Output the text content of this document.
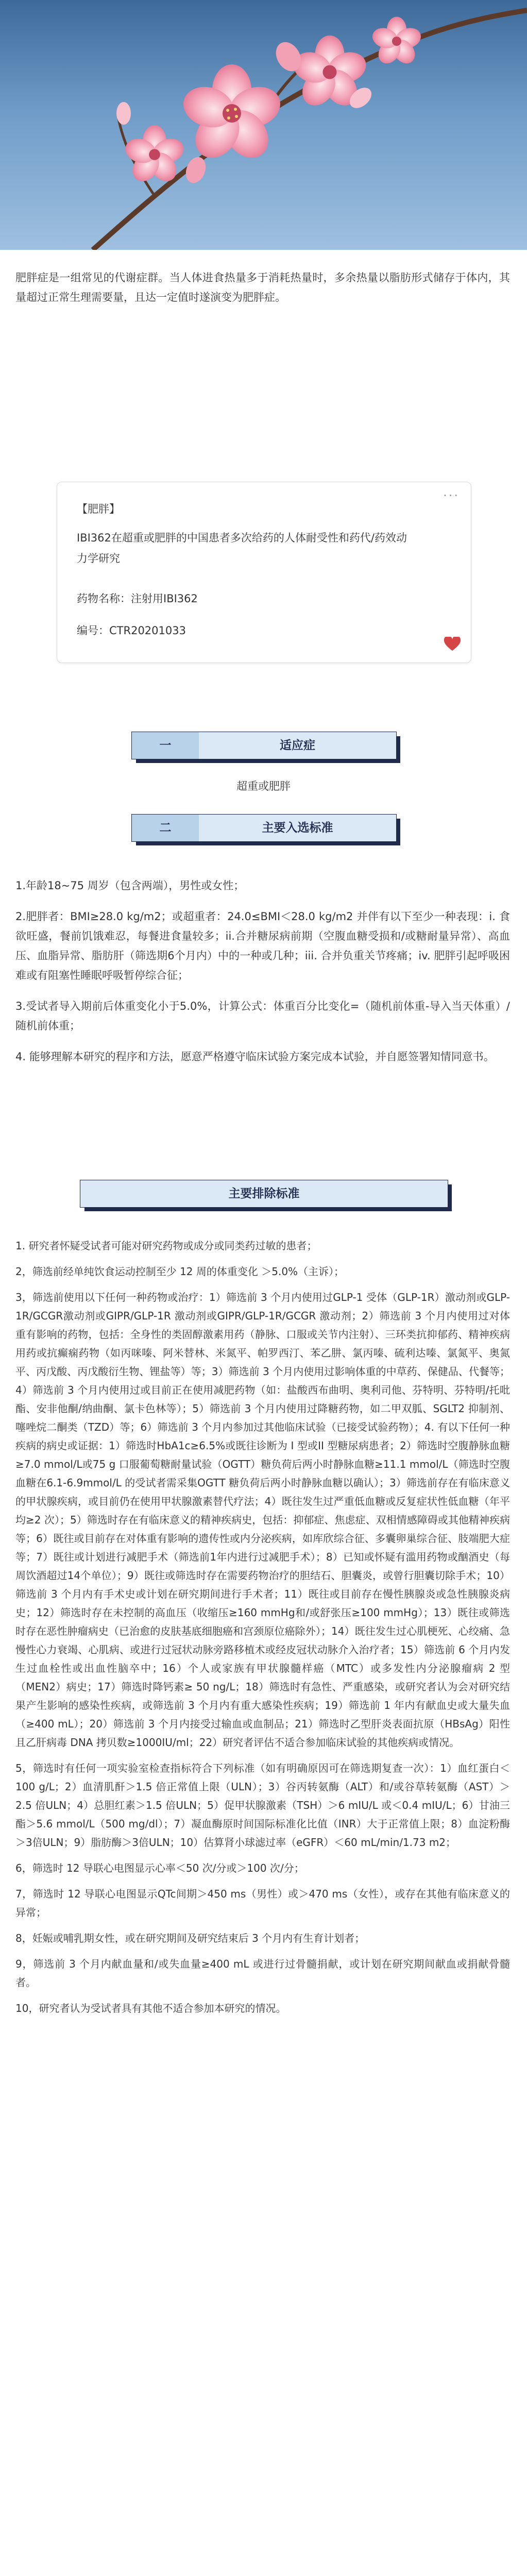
肥胖症是一组常见的代谢症群。当人体进食热量多于消耗热量时，多余热量以脂肪形式储存于体内，其量超过正常生理需要量，且达一定值时遂演变为肥胖症。
···
【肥胖】
IBI362在超重或肥胖的中国患者多次给药的人体耐受性和药代/药效动力学研究
药物名称：注射用IBI362
编号：CTR20201033
一	适应症
超重或肥胖
二	主要入选标准

1.年龄18~75 周岁（包含两端），男性或女性；

2.肥胖者：BMI≥28.0 kg/m2；或超重者：24.0≤BMI＜28.0 kg/m2 并伴有以下至少一种表现：i. 食欲旺盛，餐前饥饿难忍，每餐进食量较多；ii.合并糖尿病前期（空腹血糖受损和/或糖耐量异常）、高血压、血脂异常、脂肪肝（筛选期6个月内）中的一种或几种；iii. 合并负重关节疼痛；iv. 肥胖引起呼吸困难或有阻塞性睡眠呼吸暂停综合征；

3.受试者导入期前后体重变化小于5.0%，计算公式：体重百分比变化=（随机前体重-导入当天体重）/随机前体重；

4. 能够理解本研究的程序和方法，愿意严格遵守临床试验方案完成本试验，并自愿签署知情同意书。

主要排除标准

1. 研究者怀疑受试者可能对研究药物或成分或同类药过敏的患者；

2，筛选前经单纯饮食运动控制至少 12 周的体重变化 ＞5.0%（主诉）；

3，筛选前使用以下任何一种药物或治疗：1）筛选前 3 个月内使用过GLP-1 受体（GLP-1R）激动剂或GLP-1R/GCGR激动剂或GIPR/GLP-1R 激动剂或GIPR/GLP-1R/GCGR 激动剂；2）筛选前 3 个月内使用过对体重有影响的药物，包括：全身性的类固醇激素用药（静脉、口服或关节内注射）、三环类抗抑郁药、精神疾病用药或抗癫痫药物（如丙咪嗪、阿米替林、米氮平、帕罗西汀、苯乙肼、氯丙嗪、硫利达嗪、氯氮平、奥氮平、丙戊酸、丙戊酸衍生物、锂盐等）等；3）筛选前 3 个月内使用过影响体重的中草药、保健品、代餐等；4）筛选前 3 个月内使用过或目前正在使用减肥药物（如：盐酸西布曲明、奥利司他、芬特明、芬特明/托吡酯、安非他酮/纳曲酮、氯卡色林等）；5）筛选前 3 个月内使用过降糖药物，如二甲双胍、SGLT2 抑制剂、噻唑烷二酮类（TZD）等；6）筛选前 3 个月内参加过其他临床试验（已接受试验药物）；4. 有以下任何一种疾病的病史或证据：1）筛选时HbA1c≥6.5%或既往诊断为 I 型或II 型糖尿病患者；2）筛选时空腹静脉血糖≥7.0 mmol/L或75 g 口服葡萄糖耐量试验（OGTT）糖负荷后两小时静脉血糖≥11.1 mmol/L（筛选时空腹血糖在6.1-6.9mmol/L 的受试者需采集OGTT 糖负荷后两小时静脉血糖以确认）；3）筛选前存在有临床意义的甲状腺疾病，或目前仍在使用甲状腺激素替代疗法；4）既往发生过严重低血糖或反复症状性低血糖（年平均≥2 次）；5）筛选时存在有临床意义的精神疾病史，包括：抑郁症、焦虑症、双相情感障碍或其他精神疾病等；6）既往或目前存在对体重有影响的遗传性或内分泌疾病，如库欣综合征、多囊卵巢综合征、肢端肥大症等；7）既往或计划进行减肥手术（筛选前1年内进行过减肥手术）；8）已知或怀疑有滥用药物或酗酒史（每周饮酒超过14个单位）；9）既往或筛选时存在需要药物治疗的胆结石、胆囊炎，或曾行胆囊切除手术；10）筛选前 3 个月内有手术史或计划在研究期间进行手术者；11）既往或目前存在慢性胰腺炎或急性胰腺炎病史；12）筛选时存在未控制的高血压（收缩压≥160 mmHg和/或舒张压≥100 mmHg）；13）既往或筛选时存在恶性肿瘤病史（已治愈的皮肤基底细胞癌和宫颈原位癌除外）；14）既往发生过心肌梗死、心绞痛、急慢性心力衰竭、心肌病、或进行过冠状动脉旁路移植术或经皮冠状动脉介入治疗者；15）筛选前 6 个月内发生过血栓性或出血性脑卒中；16）个人或家族有甲状腺髓样癌（MTC）或多发性内分泌腺瘤病 2 型（MEN2）病史；17）筛选时降钙素≥ 50 ng/L；18）筛选时有急性、严重感染，或研究者认为会对研究结果产生影响的感染性疾病，或筛选前 3 个月内有重大感染性疾病；19）筛选前 1 年内有献血史或大量失血（≥400 mL）；20）筛选前 3 个月内接受过输血或血制品；21）筛选时乙型肝炎表面抗原（HBsAg）阳性且乙肝病毒 DNA 拷贝数≥1000IU/ml；22）研究者评估不适合参加临床试验的其他疾病或情况。

5，筛选时有任何一项实验室检查指标符合下列标准（如有明确原因可在筛选期复查一次）：1）血红蛋白＜100 g/L；2）血清肌酐＞1.5 倍正常值上限（ULN）；3）谷丙转氨酶（ALT）和/或谷草转氨酶（AST）＞2.5 倍ULN；4）总胆红素＞1.5 倍ULN；5）促甲状腺激素（TSH）＞6 mIU/L 或＜0.4 mIU/L；6）甘油三酯＞5.6 mmol/L（500 mg/dl）；7）凝血酶原时间国际标准化比值（INR）大于正常值上限；8）血淀粉酶＞3倍ULN；9）脂肪酶＞3倍ULN；10）估算肾小球滤过率（eGFR）＜60 mL/min/1.73 m2；

6，筛选时 12 导联心电图显示心率＜50 次/分或＞100 次/分；

7，筛选时 12 导联心电图显示QTc间期＞450 ms（男性）或＞470 ms（女性），或存在其他有临床意义的异常；

8，妊娠或哺乳期女性，或在研究期间及研究结束后 3 个月内有生育计划者；

9，筛选前 3 个月内献血量和/或失血量≥400 mL 或进行过骨髓捐献，或计划在研究期间献血或捐献骨髓者。

10，研究者认为受试者具有其他不适合参加本研究的情况。
